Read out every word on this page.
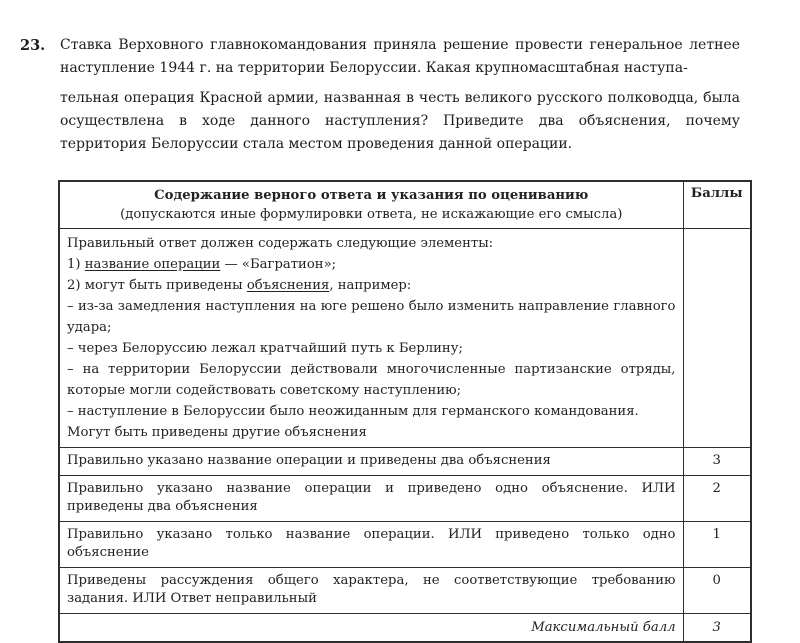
23.	Ставка Верховного главнокомандования приняла решение провести генеральное летнее наступление 1944 г. на территории Белоруссии. Какая крупномасштабная наступа-

тельная операция Красной армии, названная в честь великого русского полководца, была осуществлена в ходе данного наступления? Приведите два объяснения, почему территория Белоруссии стала местом проведения данной операции.

Содержание верного ответа и указания по оцениванию
(допускаются иные формулировки ответа, не искажающие его смысла)	Баллы

Правильный ответ должен содержать следующие элементы:

1) название операции — «Багратион»;

2) могут быть приведены объяснения, например:

– из-за замедления наступления на юге решено было изменить направление главного удара;

– через Белоруссию лежал кратчайший путь к Берлину;

– на территории Белоруссии действовали многочисленные партизанские отряды, которые могли содействовать советскому наступлению;

– наступление в Белоруссии было неожиданным для германского командования.

Могут быть приведены другие объяснения

Правильно указано название операции и приведены два объяснения	3
Правильно указано название операции и приведено одно объяснение. ИЛИ приведены два объяснения	2
Правильно указано только название операции. ИЛИ приведено только одно объяснение	1
Приведены рассуждения общего характера, не соответствующие требованию задания. ИЛИ Ответ неправильный	0
Максимальный балл	3
